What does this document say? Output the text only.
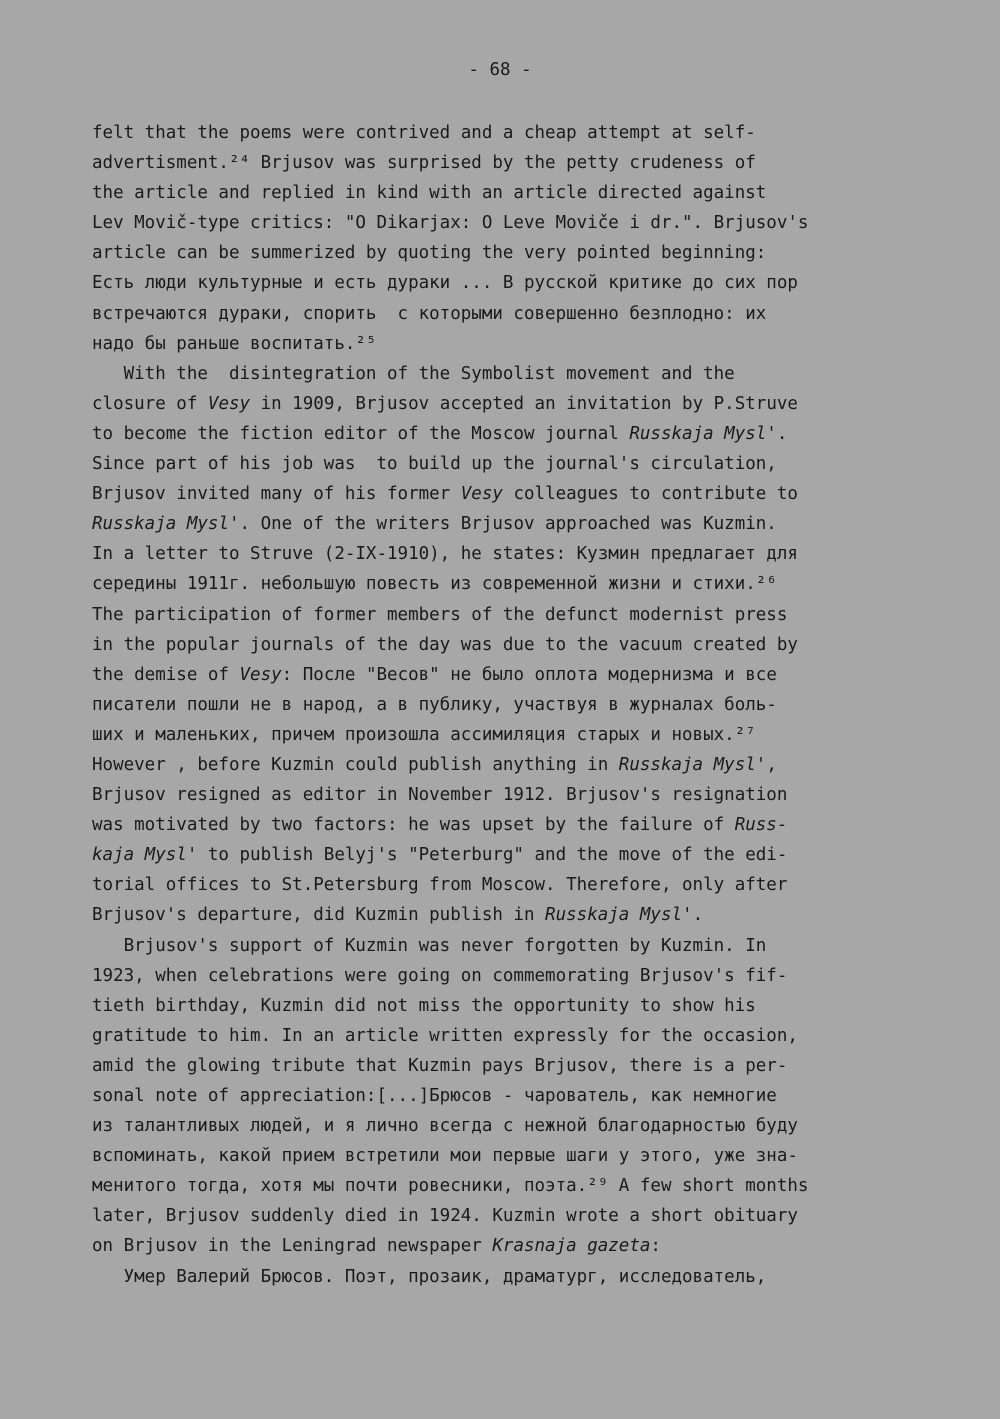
- 68 -
felt that the poems were contrived and a cheap attempt at self-
advertisment.²⁴ Brjusov was surprised by the petty crudeness of
the article and replied in kind with an article directed against
Lev Movič-type critics: "O Dikarjax: O Leve Moviče i dr.". Brjusov's
article can be summerized by quoting the very pointed beginning:
Есть люди культурные и есть дураки ... В русской критике до сих пор
встречаются дураки, спорить  с которыми совершенно безплодно: их
надо бы раньше воспитать.²⁵
With the  disintegration of the Symbolist movement and the
closure of Vesy in 1909, Brjusov accepted an invitation by P.Struve
to become the fiction editor of the Moscow journal Russkaja Mysl'.
Since part of his job was  to build up the journal's circulation,
Brjusov invited many of his former Vesy colleagues to contribute to
Russkaja Mysl'. One of the writers Brjusov approached was Kuzmin.
In a letter to Struve (2-IX-1910), he states: Кузмин предлагает для
середины 1911г. небольшую повесть из современной жизни и стихи.²⁶
The participation of former members of the defunct modernist press
in the popular journals of the day was due to the vacuum created by
the demise of Vesy: После "Весов" не было оплота модернизма и все
писатели пошли не в народ, а в публику, участвуя в журналах боль-
ших и маленьких, причем произошла ассимиляция старых и новых.²⁷
However , before Kuzmin could publish anything in Russkaja Mysl',
Brjusov resigned as editor in November 1912. Brjusov's resignation
was motivated by two factors: he was upset by the failure of Russ-
kaja Mysl' to publish Belyj's "Peterburg" and the move of the edi-
torial offices to St.Petersburg from Moscow. Therefore, only after
Brjusov's departure, did Kuzmin publish in Russkaja Mysl'.
Brjusov's support of Kuzmin was never forgotten by Kuzmin. In
1923, when celebrations were going on commemorating Brjusov's fif-
tieth birthday, Kuzmin did not miss the opportunity to show his
gratitude to him. In an article written expressly for the occasion,
amid the glowing tribute that Kuzmin pays Brjusov, there is a per-
sonal note of appreciation:[...]Брюсов - чарователь, как немногие
из талантливых людей, и я лично всегда с нежной благодарностью буду
вспоминать, какой прием встретили мои первые шаги у этого, уже зна-
менитого тогда, хотя мы почти ровесники, поэта.²⁹ A few short months
later, Brjusov suddenly died in 1924. Kuzmin wrote a short obituary
on Brjusov in the Leningrad newspaper Krasnaja gazeta:
Умер Валерий Брюсов. Поэт, прозаик, драматург, исследователь,
